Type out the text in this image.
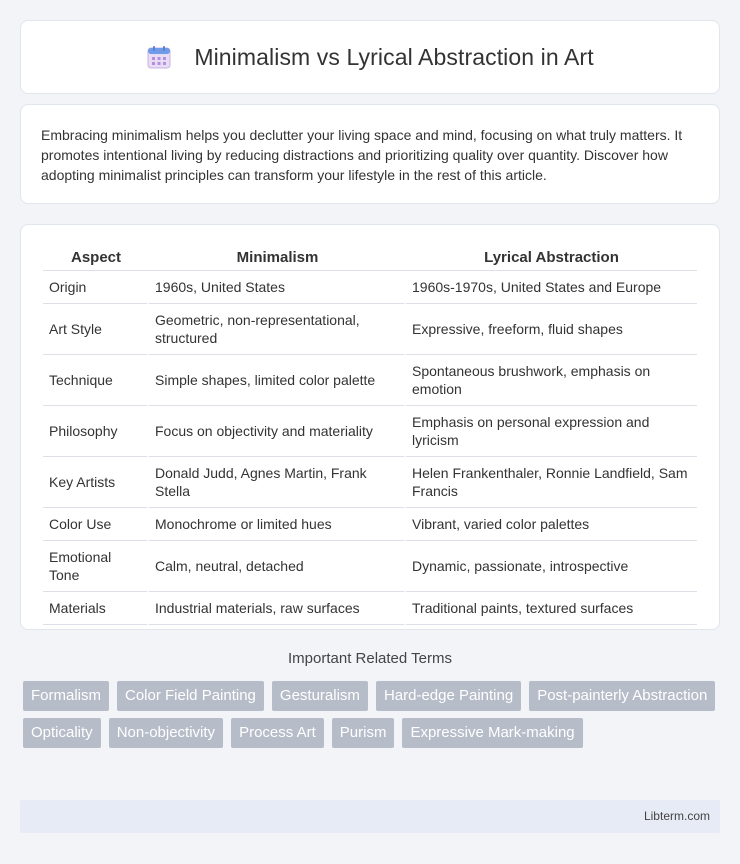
Minimalism vs Lyrical Abstraction in Art

Embracing minimalism helps you declutter your living space and mind, focusing on what truly matters. It promotes intentional living by reducing distractions and prioritizing quality over quantity. Discover how adopting minimalist principles can transform your lifestyle in the rest of this article.

Aspect	Minimalism	Lyrical Abstraction
Origin	1960s, United States	1960s-1970s, United States and Europe
Art Style	Geometric, non-representational, structured	Expressive, freeform, fluid shapes
Technique	Simple shapes, limited color palette	Spontaneous brushwork, emphasis on emotion
Philosophy	Focus on objectivity and materiality	Emphasis on personal expression and lyricism
Key Artists	Donald Judd, Agnes Martin, Frank Stella	Helen Frankenthaler, Ronnie Landfield, Sam Francis
Color Use	Monochrome or limited hues	Vibrant, varied color palettes
Emotional Tone	Calm, neutral, detached	Dynamic, passionate, introspective
Materials	Industrial materials, raw surfaces	Traditional paints, textured surfaces
Important Related Terms
Formalism	Color Field Painting	Gesturalism	Hard-edge Painting	Post-painterly Abstraction
Opticality	Non-objectivity	Process Art	Purism	Expressive Mark-making
Libterm.com
